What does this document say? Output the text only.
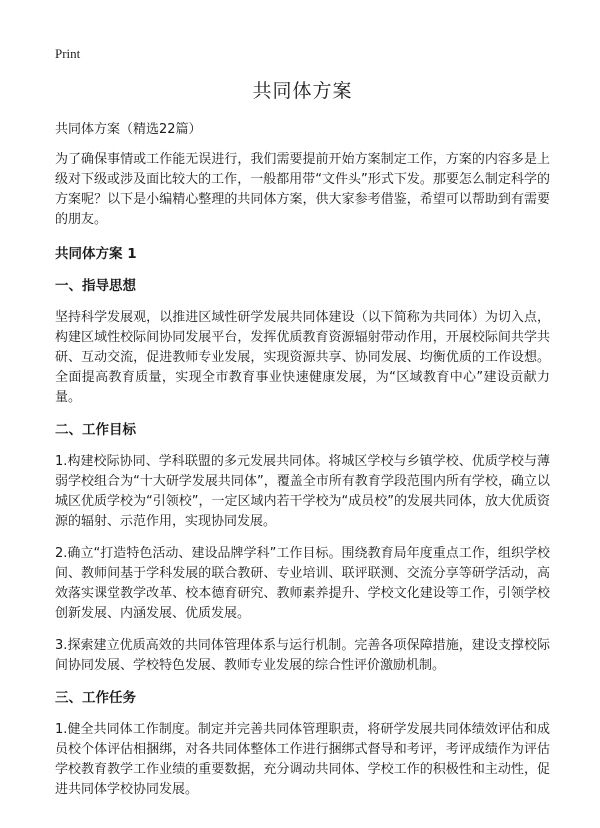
Print
共同体方案
共同体方案（精选22篇）

为了确保事情或工作能无误进行，我们需要提前开始方案制定工作，方案的内容多是上级对下级或涉及面比较大的工作，一般都用带“文件头”形式下发。那要怎么制定科学的方案呢？以下是小编精心整理的共同体方案，供大家参考借鉴，希望可以帮助到有需要的朋友。

共同体方案 1
一、指导思想

坚持科学发展观，以推进区域性研学发展共同体建设（以下简称为共同体）为切入点，构建区域性校际间协同发展平台，发挥优质教育资源辐射带动作用，开展校际间共学共研、互动交流，促进教师专业发展，实现资源共享、协同发展、均衡优质的工作设想。全面提高教育质量，实现全市教育事业快速健康发展，为“区域教育中心”建设贡献力量。

二、工作目标

1.构建校际协同、学科联盟的多元发展共同体。将城区学校与乡镇学校、优质学校与薄弱学校组合为“十大研学发展共同体”，覆盖全市所有教育学段范围内所有学校，确立以城区优质学校为“引领校”，一定区域内若干学校为“成员校”的发展共同体，放大优质资源的辐射、示范作用，实现协同发展。

2.确立“打造特色活动、建设品牌学科”工作目标。围绕教育局年度重点工作，组织学校间、教师间基于学科发展的联合教研、专业培训、联评联测、交流分享等研学活动，高效落实课堂教学改革、校本德育研究、教师素养提升、学校文化建设等工作，引领学校创新发展、内涵发展、优质发展。

3.探索建立优质高效的共同体管理体系与运行机制。完善各项保障措施，建设支撑校际间协同发展、学校特色发展、教师专业发展的综合性评价激励机制。

三、工作任务

1.健全共同体工作制度。制定并完善共同体管理职责，将研学发展共同体绩效评估和成员校个体评估相捆绑，对各共同体整体工作进行捆绑式督导和考评，考评成绩作为评估学校教育教学工作业绩的重要数据，充分调动共同体、学校工作的积极性和主动性，促进共同体学校协同发展。
